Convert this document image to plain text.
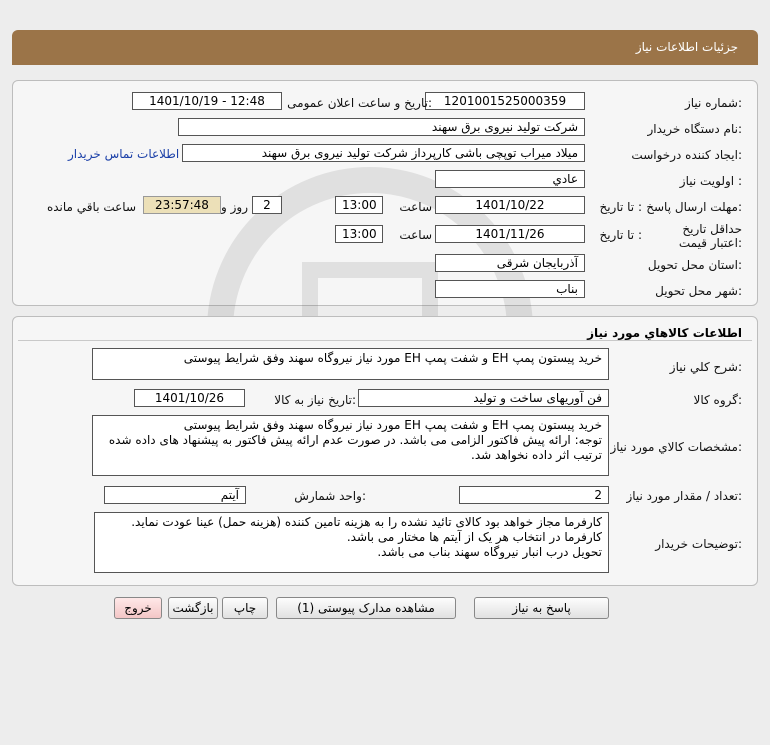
جزئیات اطلاعات نیاز
شماره نیاز:
1201001525000359
تاریخ و ساعت اعلان عمومی:
1401/10/19 - 12:48
نام دستگاه خریدار:
شرکت تولید نیروی برق سهند
ایجاد کننده درخواست:
میلاد میراب توپچی باشی کارپرداز شرکت تولید نیروی برق سهند
اطلاعات تماس خریدار
اولویت نیاز :
عادي
مهلت ارسال پاسخ:
تا تاریخ :
1401/10/22
ساعت
13:00
2
روز و
23:57:48
ساعت باقي مانده
حداقل تاریخ اعتبار قیمت:
تا تاریخ :
1401/11/26
ساعت
13:00
استان محل تحویل:
آذربایجان شرقی
شهر محل تحویل:
بناب
اطلاعات کالاهاي مورد نياز
شرح کلي نياز:
خرید پیستون پمپ EH و شفت پمپ EH مورد نیاز نیروگاه سهند وفق شرایط پیوستی
گروه کالا:
فن آوریهای ساخت و تولید
تاریخ نیاز به کالا:
1401/10/26
مشخصات کالاي مورد نياز:
خرید پیستون پمپ EH و شفت پمپ EH مورد نیاز نیروگاه سهند وفق شرایط پیوستی
توجه: ارائه پیش فاکتور الزامی می باشد. در صورت عدم ارائه پیش فاکتور به پیشنهاد های داده شده ترتیب اثر داده نخواهد شد.
تعداد / مقدار مورد نياز:
2
واحد شمارش:
آیتم
توضيحات خريدار:
کارفرما مجاز خواهد بود کالای تائید نشده را به هزینه تامین کننده (هزینه حمل) عینا عودت نماید.
کارفرما در انتخاب هر یک از آیتم ها مختار می باشد.
تحویل درب انبار نیروگاه سهند بناب می باشد.
پاسخ به نياز
مشاهده مدارک پیوستی (1)
چاپ
بازگشت
خروج
